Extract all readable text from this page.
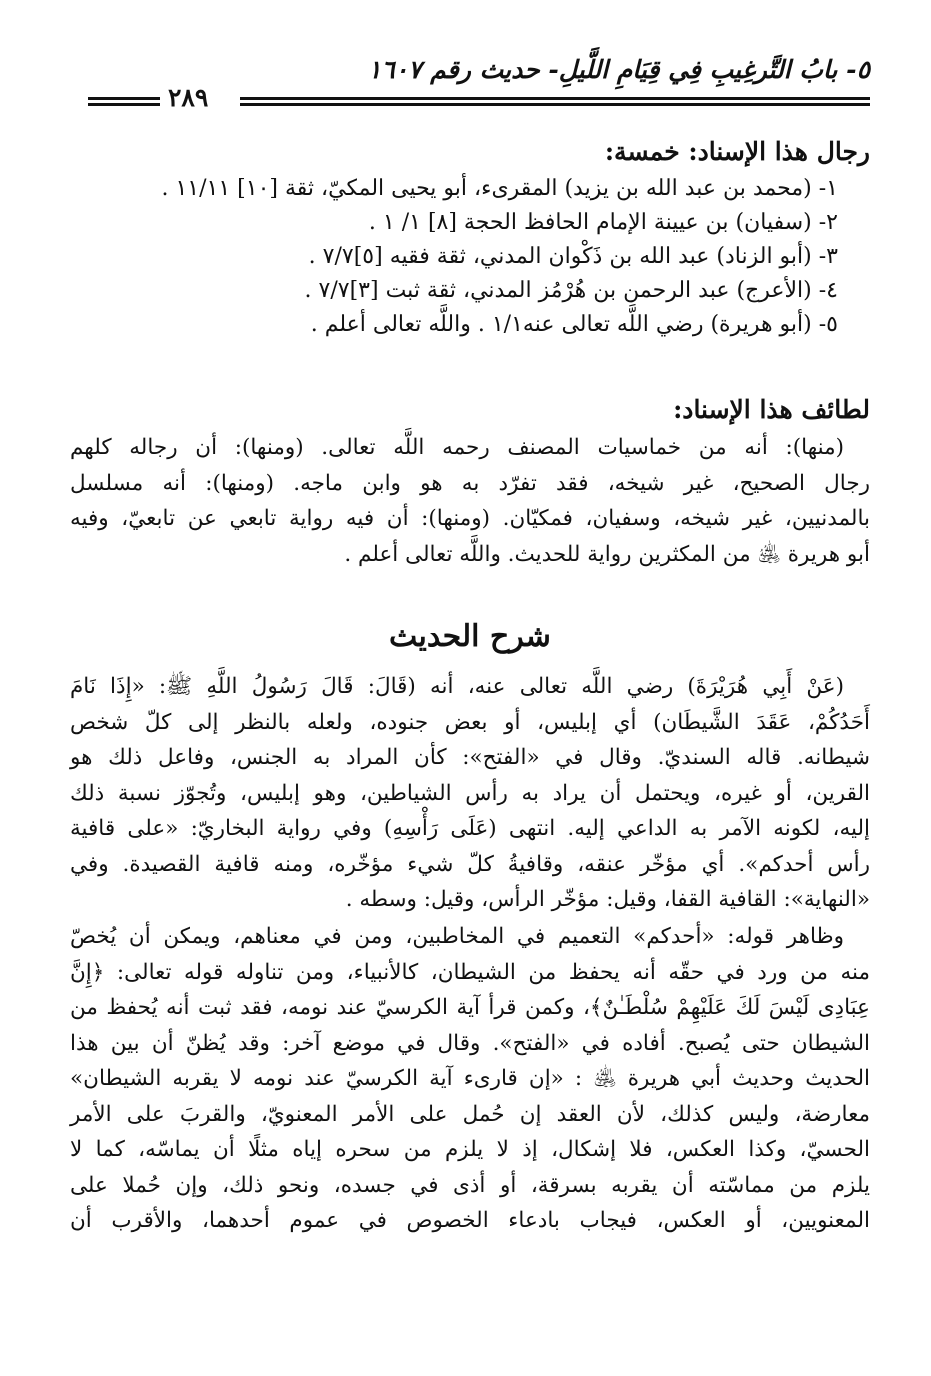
٥- بابُ التَّرغِيبِ فِي قِيَامِ اللَّيلِ- حديث رقم ١٦٠٧
٢٨٩
رجال هذا الإسناد: خمسة:
١- (محمد بن عبد الله بن يزيد) المقرىء، أبو يحيى المكيّ، ثقة [١٠] ١١/١١ .
٢- (سفيان) بن عيينة الإمام الحافظ الحجة [٨] ١/ ١ .
٣- (أبو الزناد) عبد الله بن ذَكْوان المدني، ثقة فقيه [٥]٧/٧ .
٤- (الأعرج) عبد الرحمن بن هُرْمُز المدني، ثقة ثبت [٣]٧/٧ .
٥- (أبو هريرة) رضي اللَّه تعالى عنه١/١ . واللَّه تعالى أعلم .
لطائف هذا الإسناد:
(منها): أنه من خماسيات المصنف رحمه اللَّه تعالى. (ومنها): أن رجاله كلهم
رجال الصحيح، غير شيخه، فقد تفرّد به هو وابن ماجه. (ومنها): أنه مسلسل
بالمدنيين، غير شيخه، وسفيان، فمكيّان. (ومنها): أن فيه رواية تابعي عن تابعيّ، وفيه
أبو هريرة ﵁ من المكثرين رواية للحديث. واللَّه تعالى أعلم .
شرح الحديث
(عَنْ أَبِي هُرَيْرَةَ) رضي اللَّه تعالى عنه، أنه (قَالَ: قَالَ رَسُولُ اللَّهِ ﷺ: «إِذَا نَامَ
أَحَدُكُمْ، عَقَدَ الشَّيطَان) أي إبليس، أو بعض جنوده، ولعله بالنظر إلى كلّ شخص
شيطانه. قاله السنديّ. وقال في «الفتح»: كأن المراد به الجنس، وفاعل ذلك هو
القرين، أو غيره، ويحتمل أن يراد به رأس الشياطين، وهو إبليس، وتُجوّز نسبة ذلك
إليه، لكونه الآمر به الداعي إليه. انتهى (عَلَى رَأْسِهِ) وفي رواية البخاريّ: «على قافية
رأس أحدكم». أي مؤخّر عنقه، وقافيةُ كلّ شيء مؤخّره، ومنه قافية القصيدة. وفي
«النهاية»: القافية القفا، وقيل: مؤخّر الرأس، وقيل: وسطه .
وظاهر قوله: «أحدكم» التعميم في المخاطبين، ومن في معناهم، ويمكن أن يُخصّ
منه من ورد في حقّه أنه يحفظ من الشيطان، كالأنبياء، ومن تناوله قوله تعالى: ﴿إِنَّ
عِبَادِى لَيْسَ لَكَ عَلَيْهِمْ سُلْطَـٰنٌ﴾، وكمن قرأ آية الكرسيّ عند نومه، فقد ثبت أنه يُحفظ من
الشيطان حتى يُصبح. أفاده في «الفتح». وقال في موضع آخر: وقد يُظنّ أن بين هذا
الحديث وحديث أبي هريرة ﵁ : «إن قارىء آية الكرسيّ عند نومه لا يقربه الشيطان»
معارضة، وليس كذلك، لأن العقد إن حُمل على الأمر المعنويّ، والقربَ على الأمر
الحسيّ، وكذا العكس، فلا إشكال، إذ لا يلزم من سحره إياه مثلًا أن يماسّه، كما لا
يلزم من مماسّته أن يقربه بسرقة، أو أذى في جسده، ونحو ذلك، وإن حُملا على
المعنويين، أو العكس، فيجاب بادعاء الخصوص في عموم أحدهما، والأقرب أن
